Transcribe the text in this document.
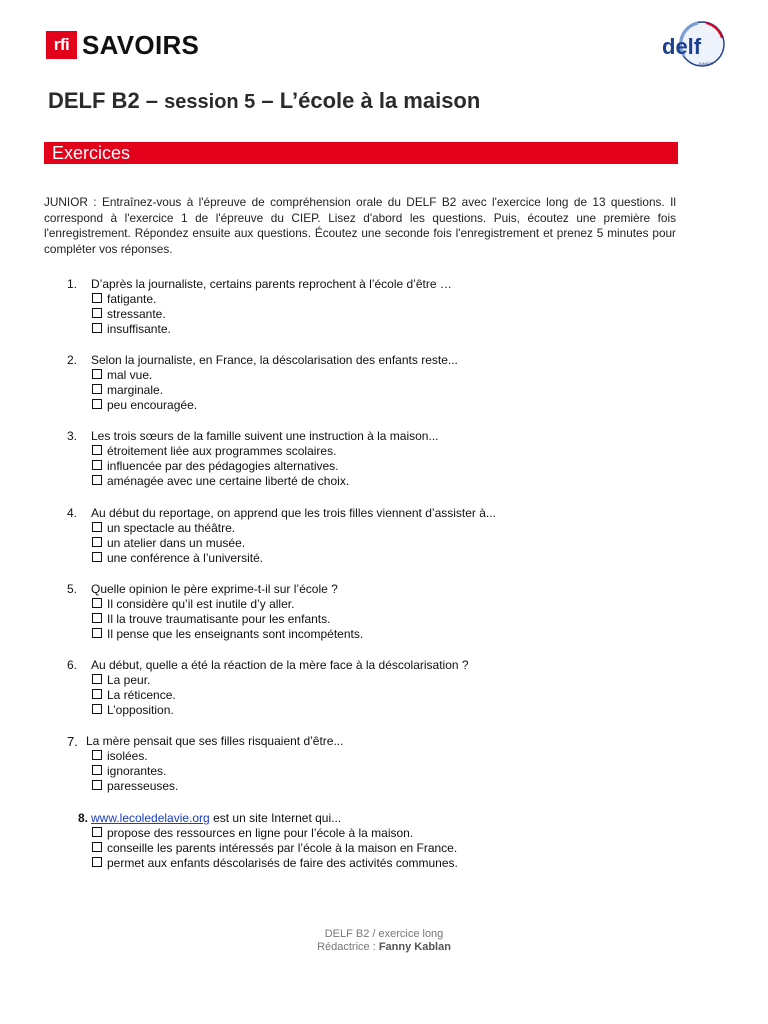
rfi SAVOIRS	delf
JUNIOR
DELF B2 – session 5 – L’école à la maison
Exercices

JUNIOR : Entraînez-vous à l'épreuve de compréhension orale du DELF B2 avec l'exercice long de 13 questions. Il correspond à l'exercice 1 de l'épreuve du CIEP. Lisez d'abord les questions. Puis, écoutez une première fois l'enregistrement. Répondez ensuite aux questions. Écoutez une seconde fois l'enregistrement et prenez 5 minutes pour compléter vos réponses.

1. D’après la journaliste, certains parents reprochent à l’école d’être …
fatigante.
stressante.
insuffisante.
2. Selon la journaliste, en France, la déscolarisation des enfants reste...
mal vue.
marginale.
peu encouragée.
3. Les trois sœurs de la famille suivent une instruction à la maison...
étroitement liée aux programmes scolaires.
influencée par des pédagogies alternatives.
aménagée avec une certaine liberté de choix.
4. Au début du reportage, on apprend que les trois filles viennent d’assister à...
un spectacle au théâtre.
un atelier dans un musée.
une conférence à l’université.
5. Quelle opinion le père exprime-t-il sur l’école ?
Il considère qu’il est inutile d’y aller.
Il la trouve traumatisante pour les enfants.
Il pense que les enseignants sont incompétents.
6. Au début, quelle a été la réaction de la mère face à la déscolarisation ?
La peur.
La réticence.
L’opposition.
7. La mère pensait que ses filles risquaient d’être...
isolées.
ignorantes.
paresseuses.
8. www.lecoledelavie.org est un site Internet qui...
propose des ressources en ligne pour l’école à la maison.
conseille les parents intéressés par l’école à la maison en France.
permet aux enfants déscolarisés de faire des activités communes.
DELF B2 / exercice long
Rédactrice : Fanny Kablan
